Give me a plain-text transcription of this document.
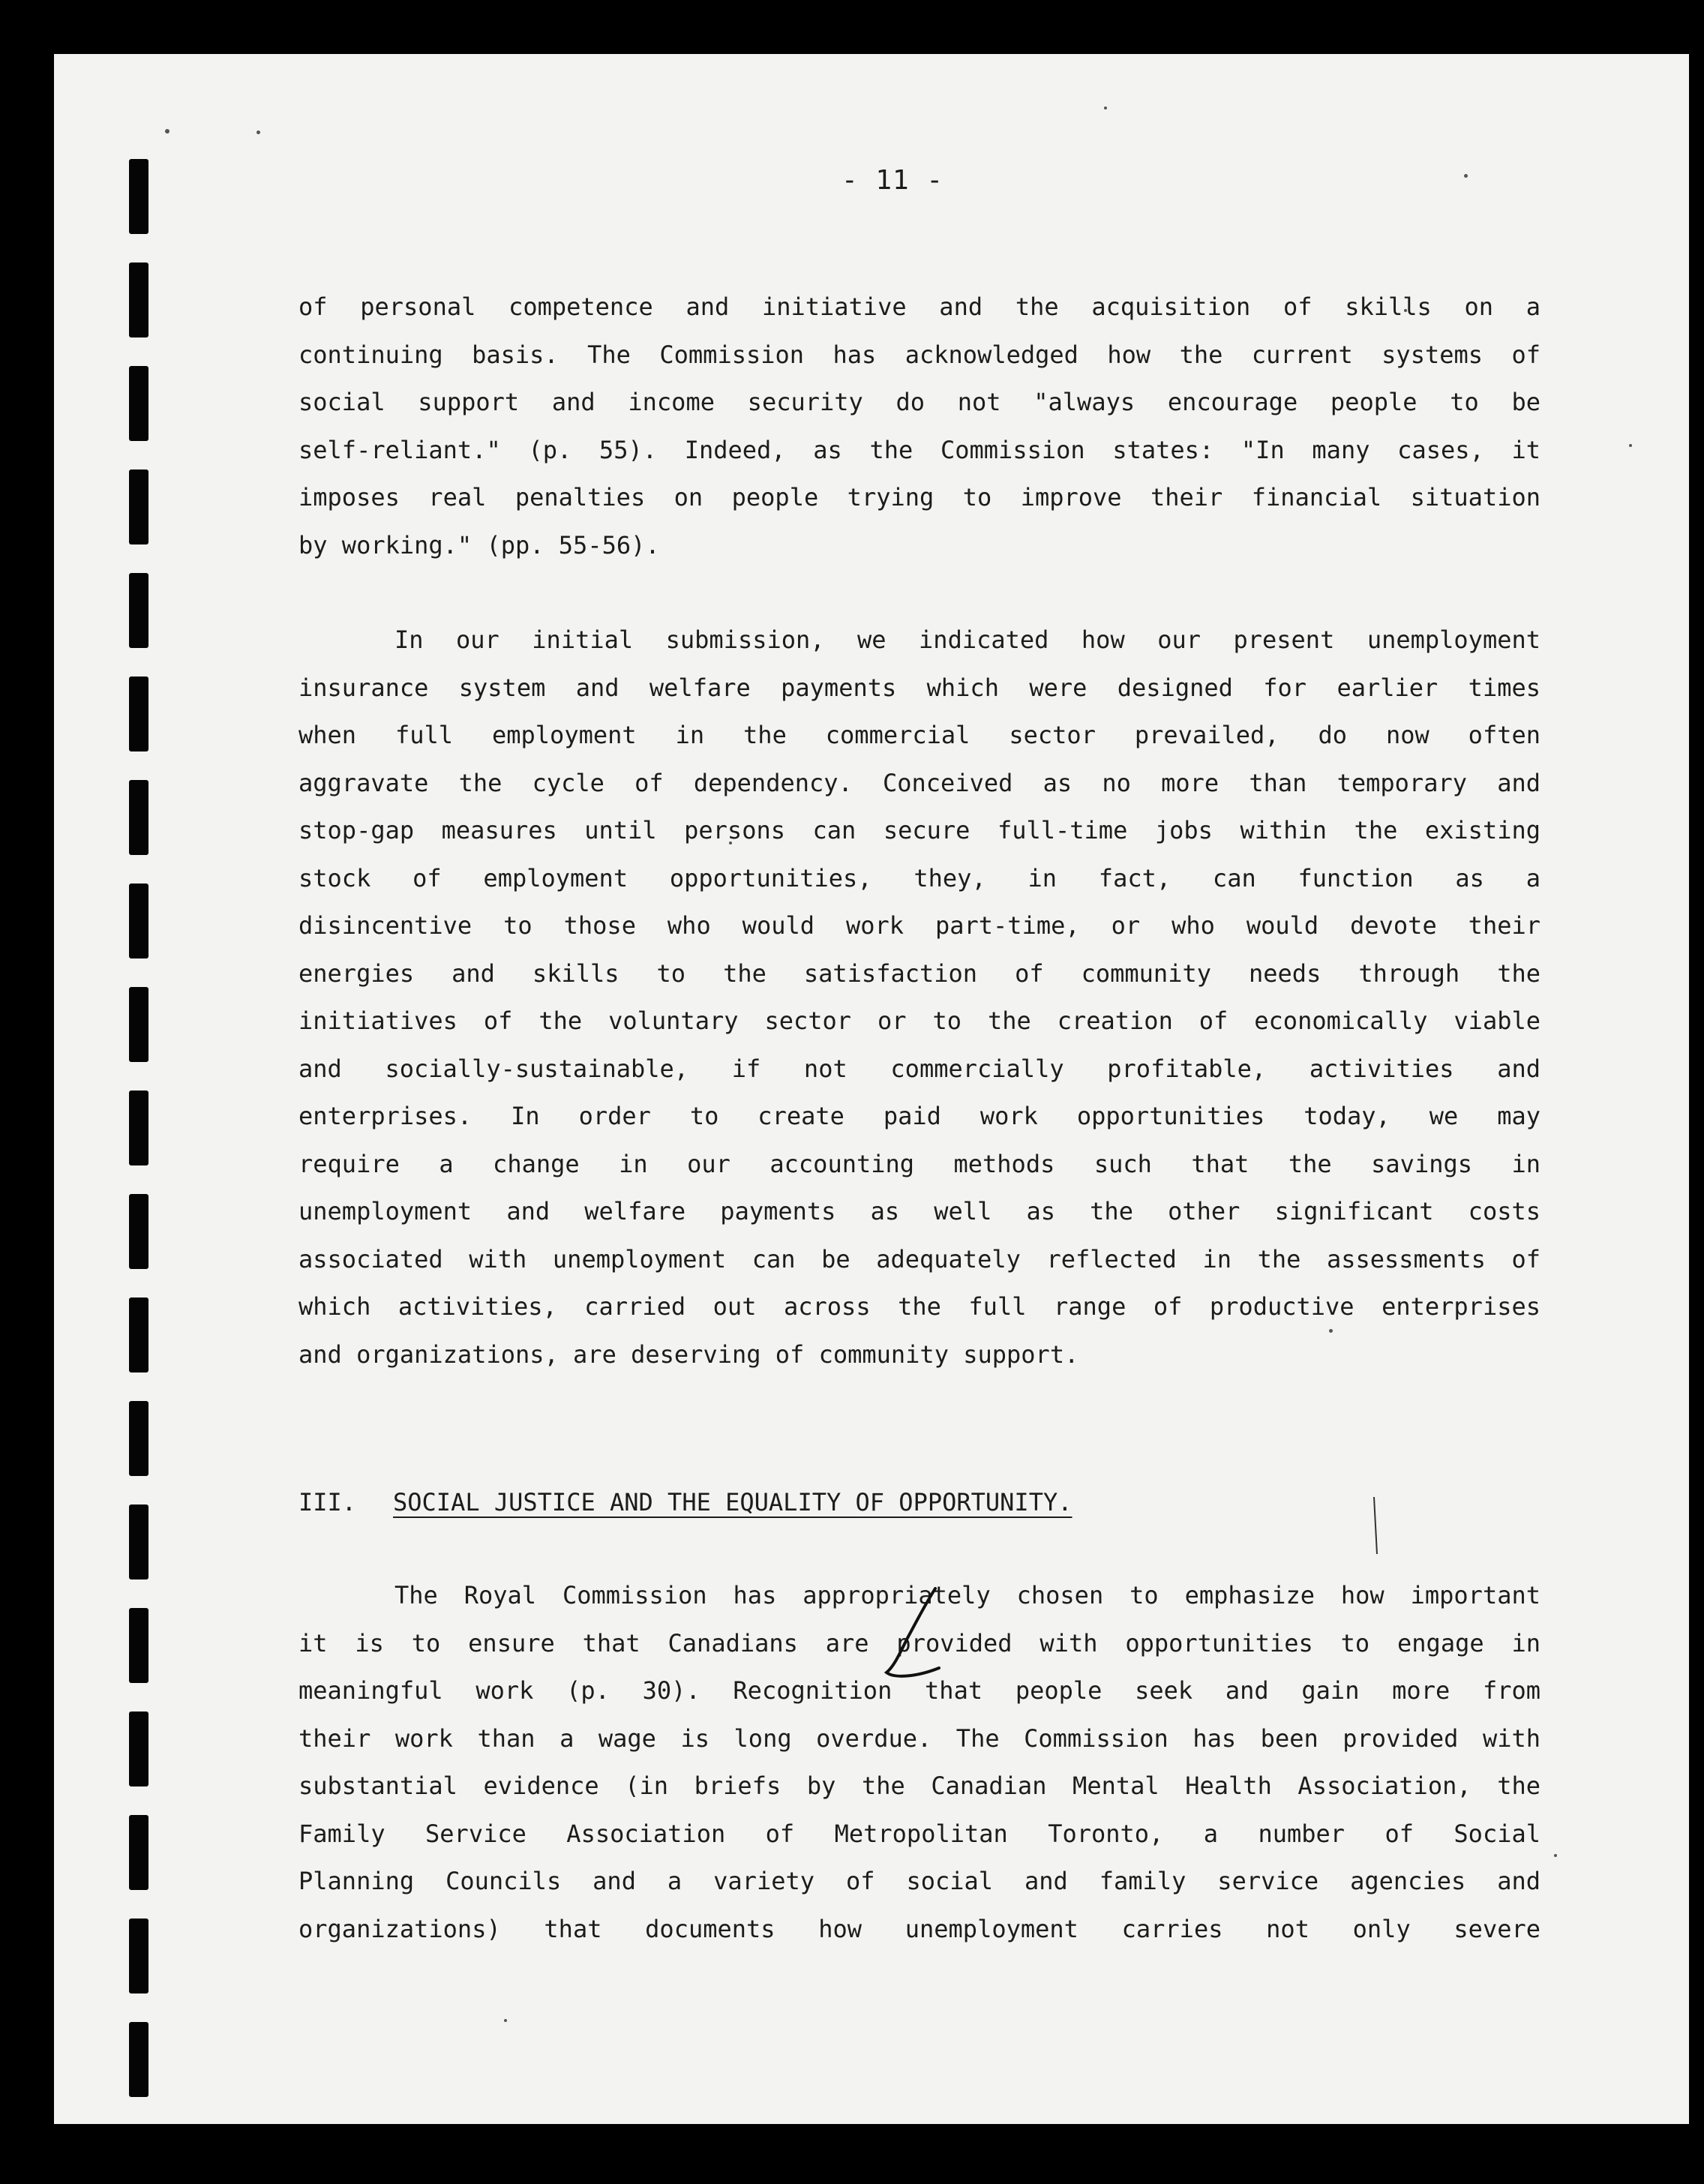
- 11 -
of personal competence and initiative and the acquisition of skills on a
continuing basis. The Commission has acknowledged how the current systems of
social support and income security do not "always encourage people to be
self-reliant." (p. 55). Indeed, as the Commission states: "In many cases, it
imposes real penalties on people trying to improve their financial situation
by working." (pp. 55-56).
In our initial submission, we indicated how our present unemployment
insurance system and welfare payments which were designed for earlier times
when full employment in the commercial sector prevailed, do now often
aggravate the cycle of dependency. Conceived as no more than temporary and
stop-gap measures until persons can secure full-time jobs within the existing
stock of employment opportunities, they, in fact, can function as a
disincentive to those who would work part-time, or who would devote their
energies and skills to the satisfaction of community needs through the
initiatives of the voluntary sector or to the creation of economically viable
and socially-sustainable, if not commercially profitable, activities and
enterprises. In order to create paid work opportunities today, we may
require a change in our accounting methods such that the savings in
unemployment and welfare payments as well as the other significant costs
associated with unemployment can be adequately reflected in the assessments of
which activities, carried out across the full range of productive enterprises
and organizations, are deserving of community support.
III. SOCIAL JUSTICE AND THE EQUALITY OF OPPORTUNITY.
The Royal Commission has appropriately chosen to emphasize how important
it is to ensure that Canadians are provided with opportunities to engage in
meaningful work (p. 30). Recognition that people seek and gain more from
their work than a wage is long overdue. The Commission has been provided with
substantial evidence (in briefs by the Canadian Mental Health Association, the
Family Service Association of Metropolitan Toronto, a number of Social
Planning Councils and a variety of social and family service agencies and
organizations) that documents how unemployment carries not only severe
